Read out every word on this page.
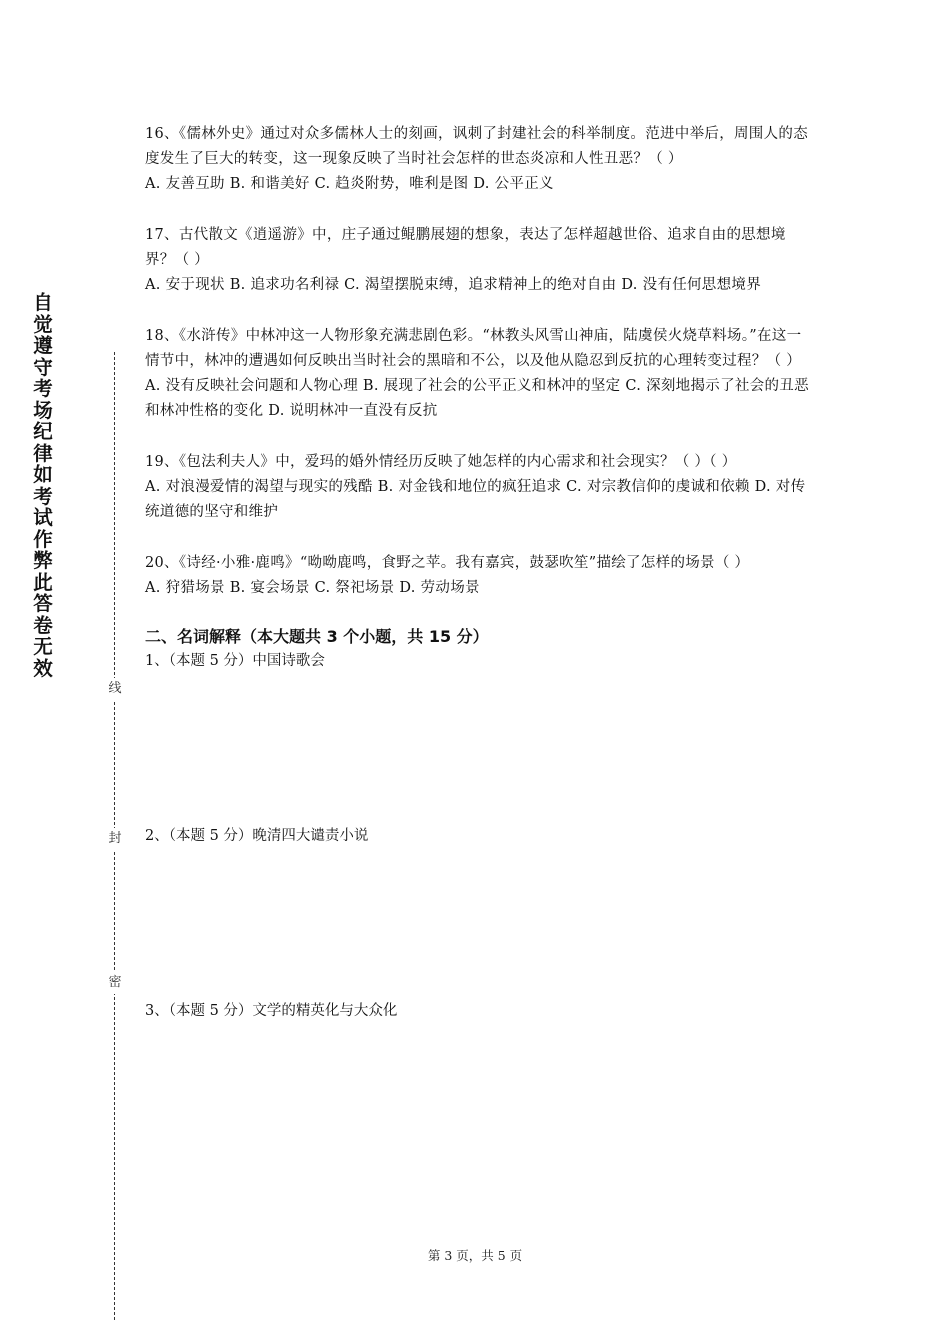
自觉遵守考场纪律如考试作弊此答卷无效
线
封
密

16、《儒林外史》通过对众多儒林人士的刻画，讽刺了封建社会的科举制度。范进中举后，周围人的态度发生了巨大的转变，这一现象反映了当时社会怎样的世态炎凉和人性丑恶？（ ）

A. 友善互助 B. 和谐美好 C. 趋炎附势，唯利是图 D. 公平正义

17、古代散文《逍遥游》中，庄子通过鲲鹏展翅的想象，表达了怎样超越世俗、追求自由的思想境界？（ ）

A. 安于现状 B. 追求功名利禄 C. 渴望摆脱束缚，追求精神上的绝对自由 D. 没有任何思想境界

18、《水浒传》中林冲这一人物形象充满悲剧色彩。“林教头风雪山神庙，陆虞侯火烧草料场。”在这一情节中，林冲的遭遇如何反映出当时社会的黑暗和不公，以及他从隐忍到反抗的心理转变过程？（ ）

A. 没有反映社会问题和人物心理 B. 展现了社会的公平正义和林冲的坚定 C. 深刻地揭示了社会的丑恶和林冲性格的变化 D. 说明林冲一直没有反抗

19、《包法利夫人》中，爱玛的婚外情经历反映了她怎样的内心需求和社会现实？（ ）（ ）

A. 对浪漫爱情的渴望与现实的残酷 B. 对金钱和地位的疯狂追求 C. 对宗教信仰的虔诚和依赖 D. 对传统道德的坚守和维护

20、《诗经·小雅·鹿鸣》“呦呦鹿鸣，食野之苹。我有嘉宾，鼓瑟吹笙”描绘了怎样的场景（ ）

A. 狩猎场景 B. 宴会场景 C. 祭祀场景 D. 劳动场景

二、名词解释（本大题共 3 个小题，共 15 分）

1、（本题 5 分）中国诗歌会

2、（本题 5 分）晚清四大谴责小说

3、（本题 5 分）文学的精英化与大众化

第 3 页，共 5 页
